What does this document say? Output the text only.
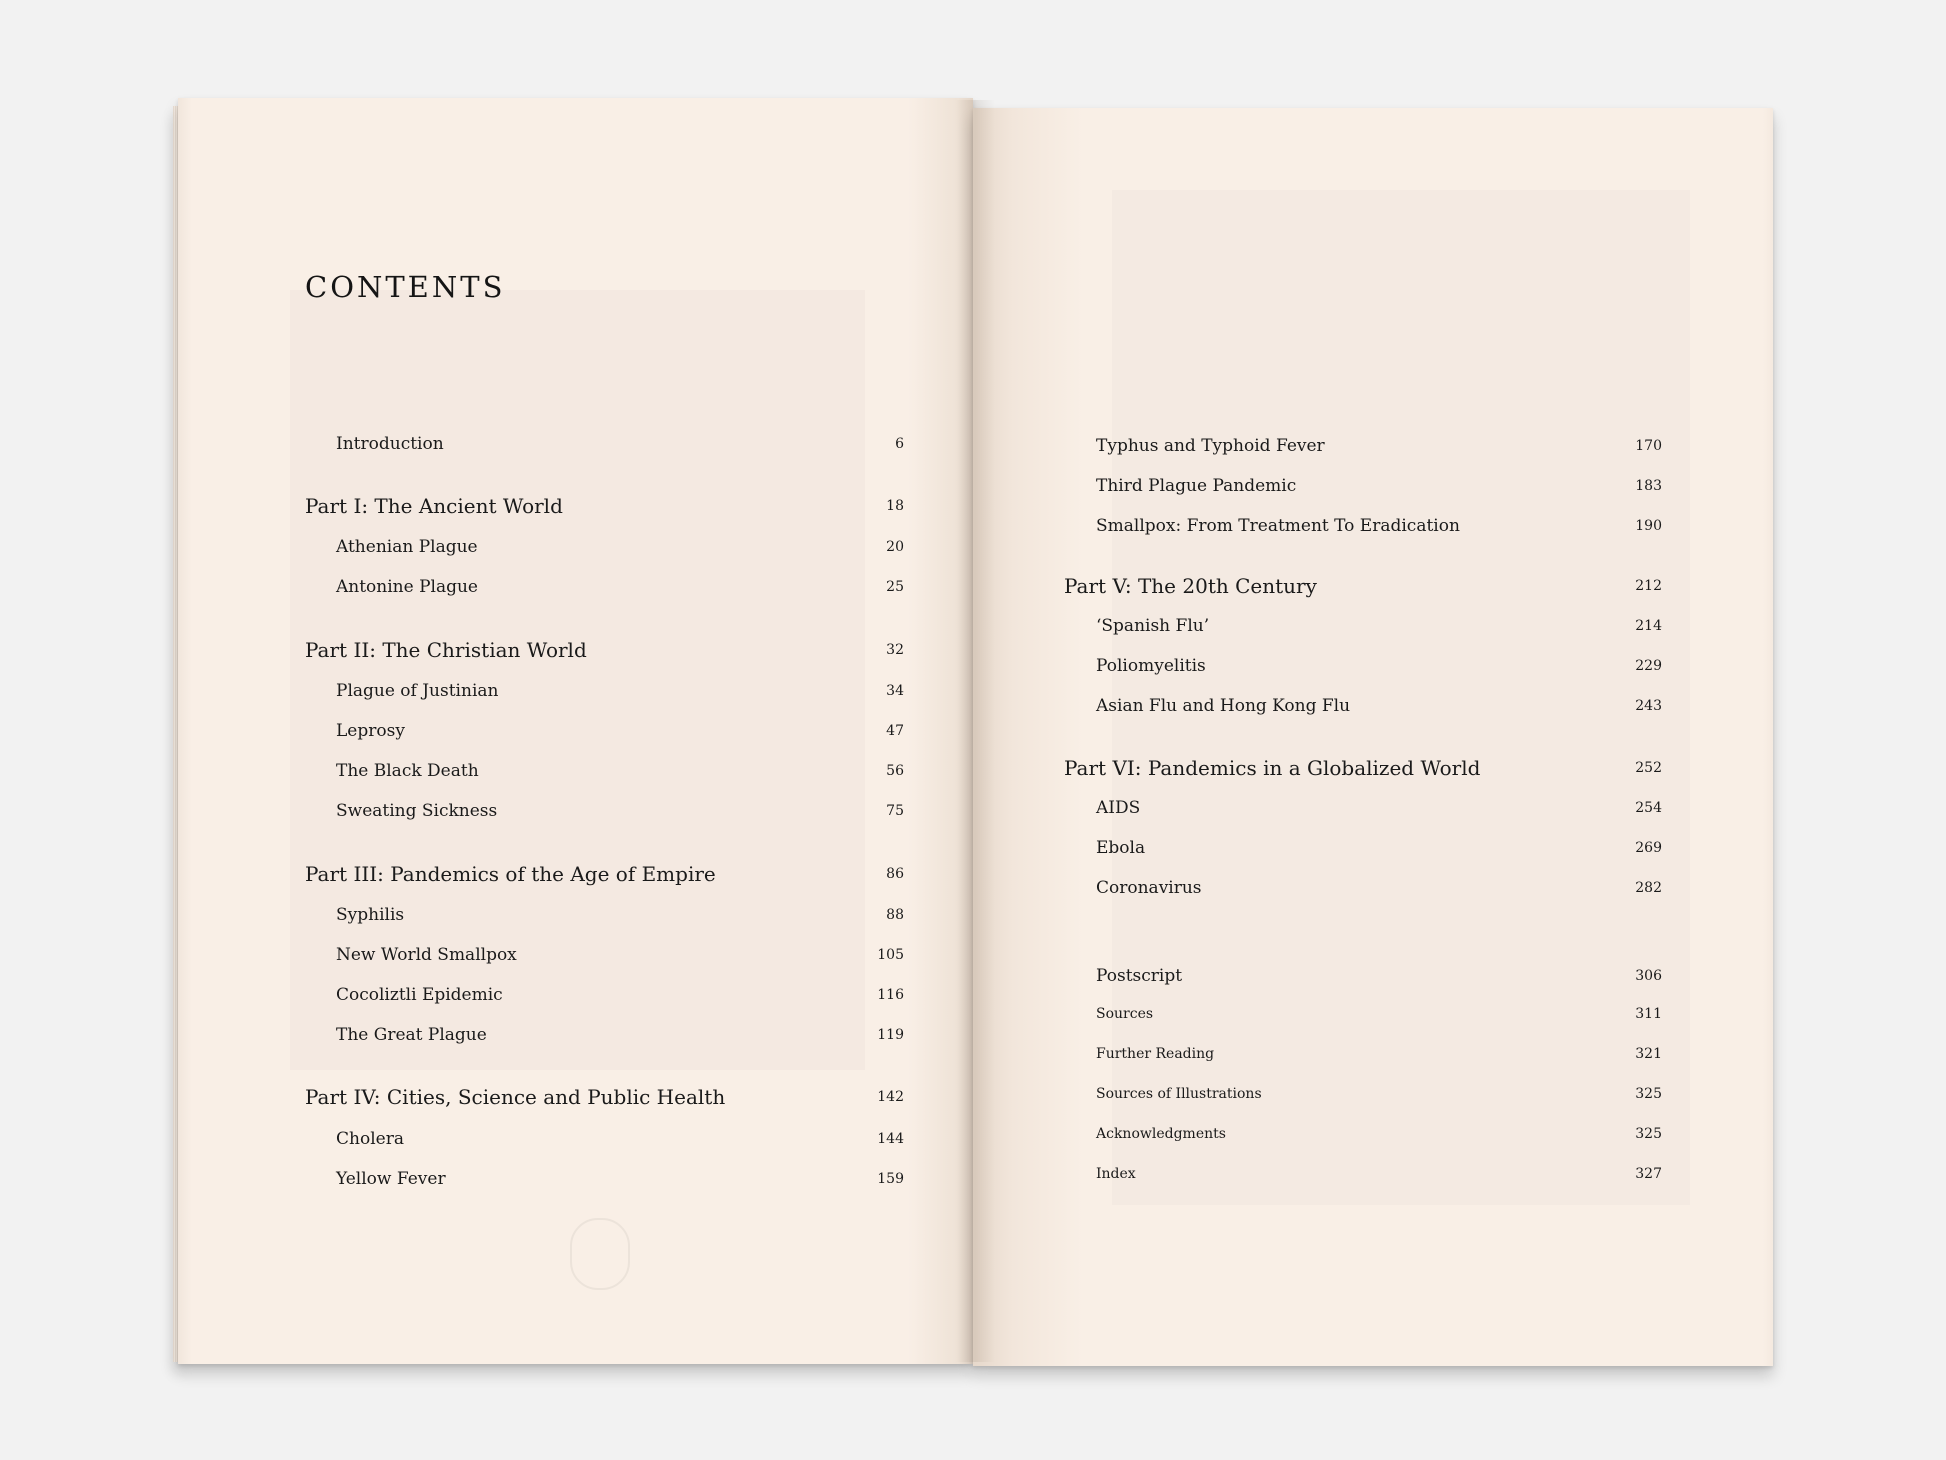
CONTENTS
Introduction	6
Part I: The Ancient World	18
Athenian Plague	20
Antonine Plague	25
Part II: The Christian World	32
Plague of Justinian	34
Leprosy	47
The Black Death	56
Sweating Sickness	75
Part III: Pandemics of the Age of Empire	86
Syphilis	88
New World Smallpox	105
Cocoliztli Epidemic	116
The Great Plague	119
Part IV: Cities, Science and Public Health	142
Cholera	144
Yellow Fever	159
Typhus and Typhoid Fever	170
Third Plague Pandemic	183
Smallpox: From Treatment To Eradication	190
Part V: The 20th Century	212
‘Spanish Flu’	214
Poliomyelitis	229
Asian Flu and Hong Kong Flu	243
Part VI: Pandemics in a Globalized World	252
AIDS	254
Ebola	269
Coronavirus	282
Postscript	306
Sources	311
Further Reading	321
Sources of Illustrations	325
Acknowledgments	325
Index	327
